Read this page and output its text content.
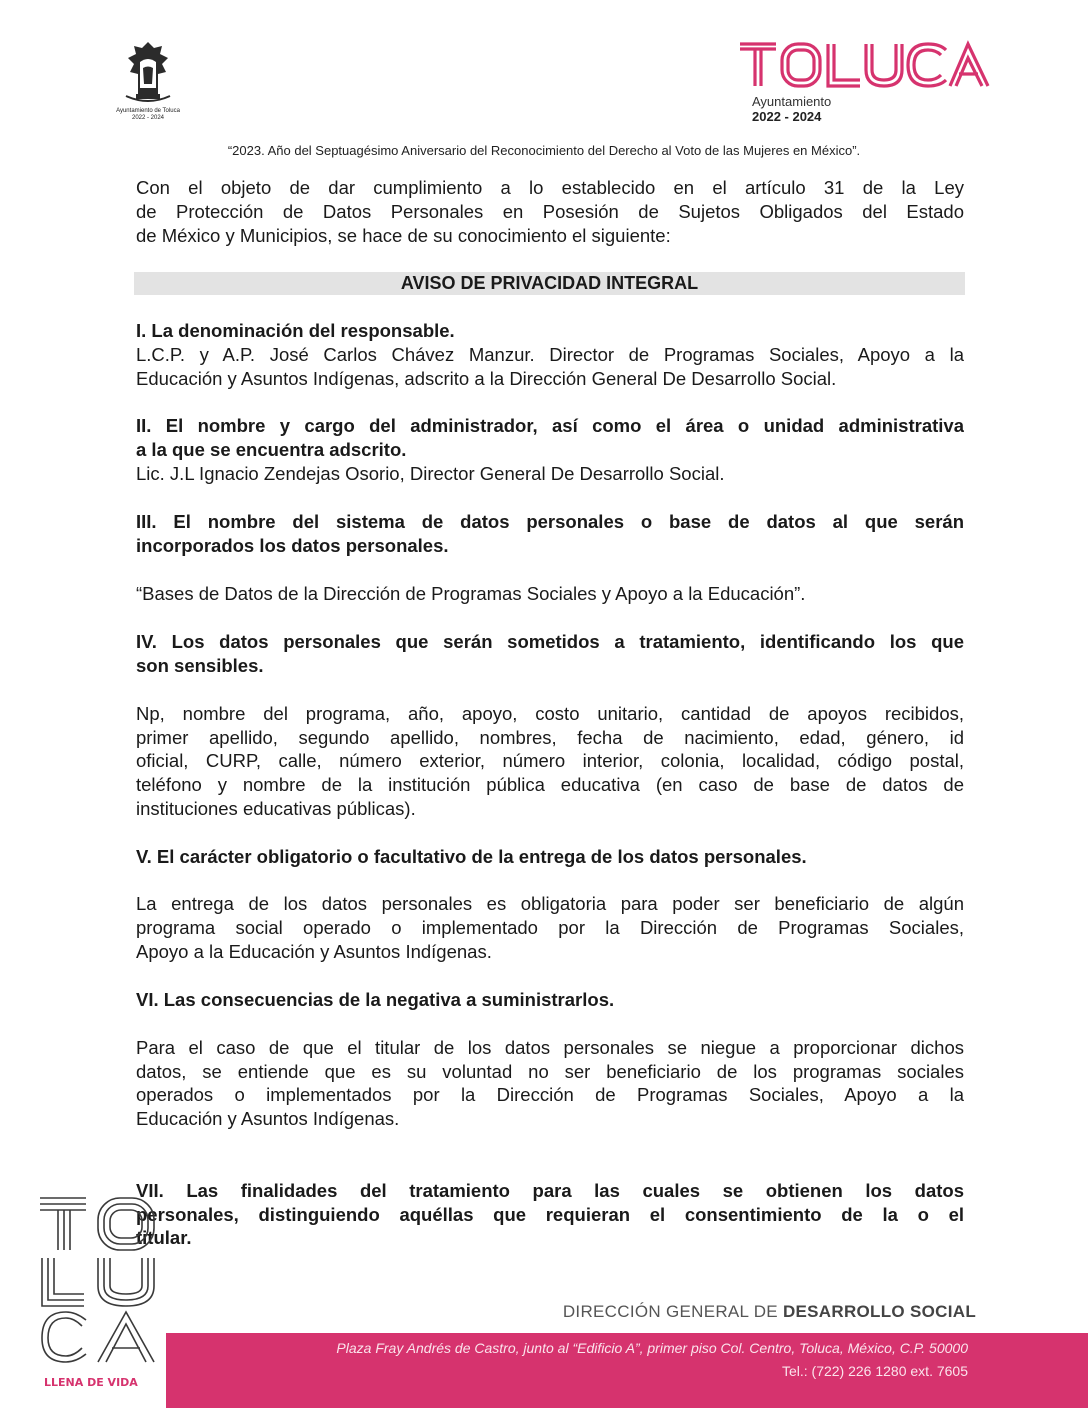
Ayuntamiento de Toluca
2022 - 2024
Ayuntamiento
2022 - 2024
“2023. Año del Septuagésimo Aniversario del Reconocimiento del Derecho al Voto de las Mujeres en México”.
Con el objeto de dar cumplimiento a lo establecido en el artículo 31 de la Ley
de Protección de Datos Personales en Posesión de Sujetos Obligados del Estado
de México y Municipios, se hace de su conocimiento el siguiente:
AVISO DE PRIVACIDAD INTEGRAL
I. La denominación del responsable.
L.C.P. y A.P. José Carlos Chávez Manzur. Director de Programas Sociales, Apoyo a la
Educación y Asuntos Indígenas, adscrito a la Dirección General De Desarrollo Social.
II. El nombre y cargo del administrador, así como el área o unidad administrativa
a la que se encuentra adscrito.
Lic. J.L Ignacio Zendejas Osorio, Director General De Desarrollo Social.
III. El nombre del sistema de datos personales o base de datos al que serán
incorporados los datos personales.
“Bases de Datos de la Dirección de Programas Sociales y Apoyo a la Educación”.
IV. Los datos personales que serán sometidos a tratamiento, identificando los que
son sensibles.
Np, nombre del programa, año, apoyo, costo unitario, cantidad de apoyos recibidos,
primer apellido, segundo apellido, nombres, fecha de nacimiento, edad, género, id
oficial, CURP, calle, número exterior, número interior, colonia, localidad, código postal,
teléfono y nombre de la institución pública educativa (en caso de base de datos de
instituciones educativas públicas).
V. El carácter obligatorio o facultativo de la entrega de los datos personales.
La entrega de los datos personales es obligatoria para poder ser beneficiario de algún
programa social operado o implementado por la Dirección de Programas Sociales,
Apoyo a la Educación y Asuntos Indígenas.
VI. Las consecuencias de la negativa a suministrarlos.
Para el caso de que el titular de los datos personales se niegue a proporcionar dichos
datos, se entiende que es su voluntad no ser beneficiario de los programas sociales
operados o implementados por la Dirección de Programas Sociales, Apoyo a la
Educación y Asuntos Indígenas.
VII. Las finalidades del tratamiento para las cuales se obtienen los datos
personales, distinguiendo aquéllas que requieran el consentimiento de la o el
titular.
LLENA DE VIDA
DIRECCIÓN GENERAL DE DESARROLLO SOCIAL
Plaza Fray Andrés de Castro, junto al “Edificio A”, primer piso Col. Centro, Toluca, México, C.P. 50000
Tel.: (722) 226 1280 ext. 7605
